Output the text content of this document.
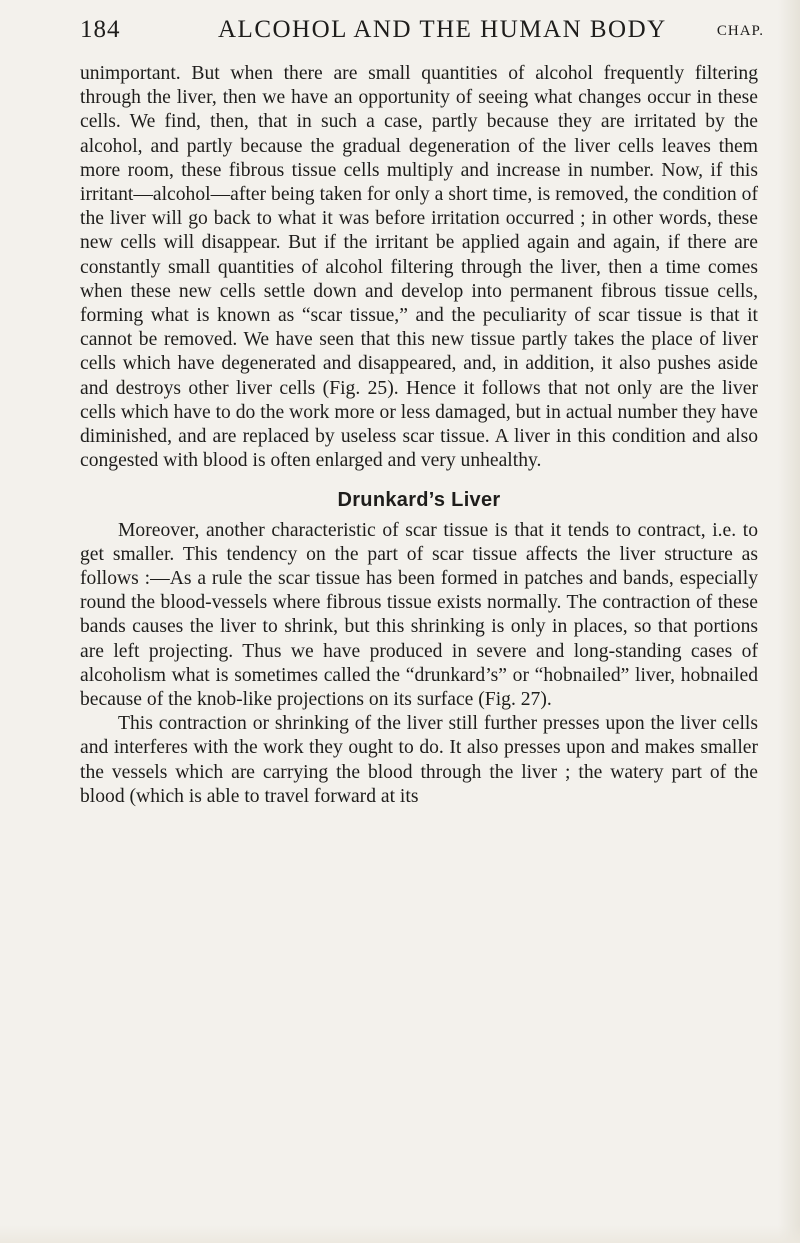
184	ALCOHOL AND THE HUMAN BODY	CHAP.

unimportant. But when there are small quantities of alcohol frequently filtering through the liver, then we have an opportunity of seeing what changes occur in these cells. We find, then, that in such a case, partly because they are irritated by the alcohol, and partly because the gradual degeneration of the liver cells leaves them more room, these fibrous tissue cells multiply and increase in number. Now, if this irritant—alcohol—after being taken for only a short time, is removed, the condition of the liver will go back to what it was before irritation occurred ; in other words, these new cells will disappear. But if the irritant be applied again and again, if there are constantly small quantities of alcohol filtering through the liver, then a time comes when these new cells settle down and develop into permanent fibrous tissue cells, forming what is known as “scar tissue,” and the peculiarity of scar tissue is that it cannot be removed. We have seen that this new tissue partly takes the place of liver cells which have degenerated and disappeared, and, in addition, it also pushes aside and destroys other liver cells (Fig. 25). Hence it follows that not only are the liver cells which have to do the work more or less damaged, but in actual number they have diminished, and are replaced by useless scar tissue. A liver in this condition and also congested with blood is often enlarged and very unhealthy.

Drunkard’s Liver

Moreover, another characteristic of scar tissue is that it tends to contract, i.e. to get smaller. This tendency on the part of scar tissue affects the liver structure as follows :—As a rule the scar tissue has been formed in patches and bands, especially round the blood-vessels where fibrous tissue exists normally. The contraction of these bands causes the liver to shrink, but this shrinking is only in places, so that portions are left projecting. Thus we have produced in severe and long-standing cases of alcoholism what is sometimes called the “drunkard’s” or “hobnailed” liver, hobnailed because of the knob-like projections on its surface (Fig. 27).

This contraction or shrinking of the liver still further presses upon the liver cells and interferes with the work they ought to do. It also presses upon and makes smaller the vessels which are carrying the blood through the liver ; the watery part of the blood (which is able to travel forward at its
